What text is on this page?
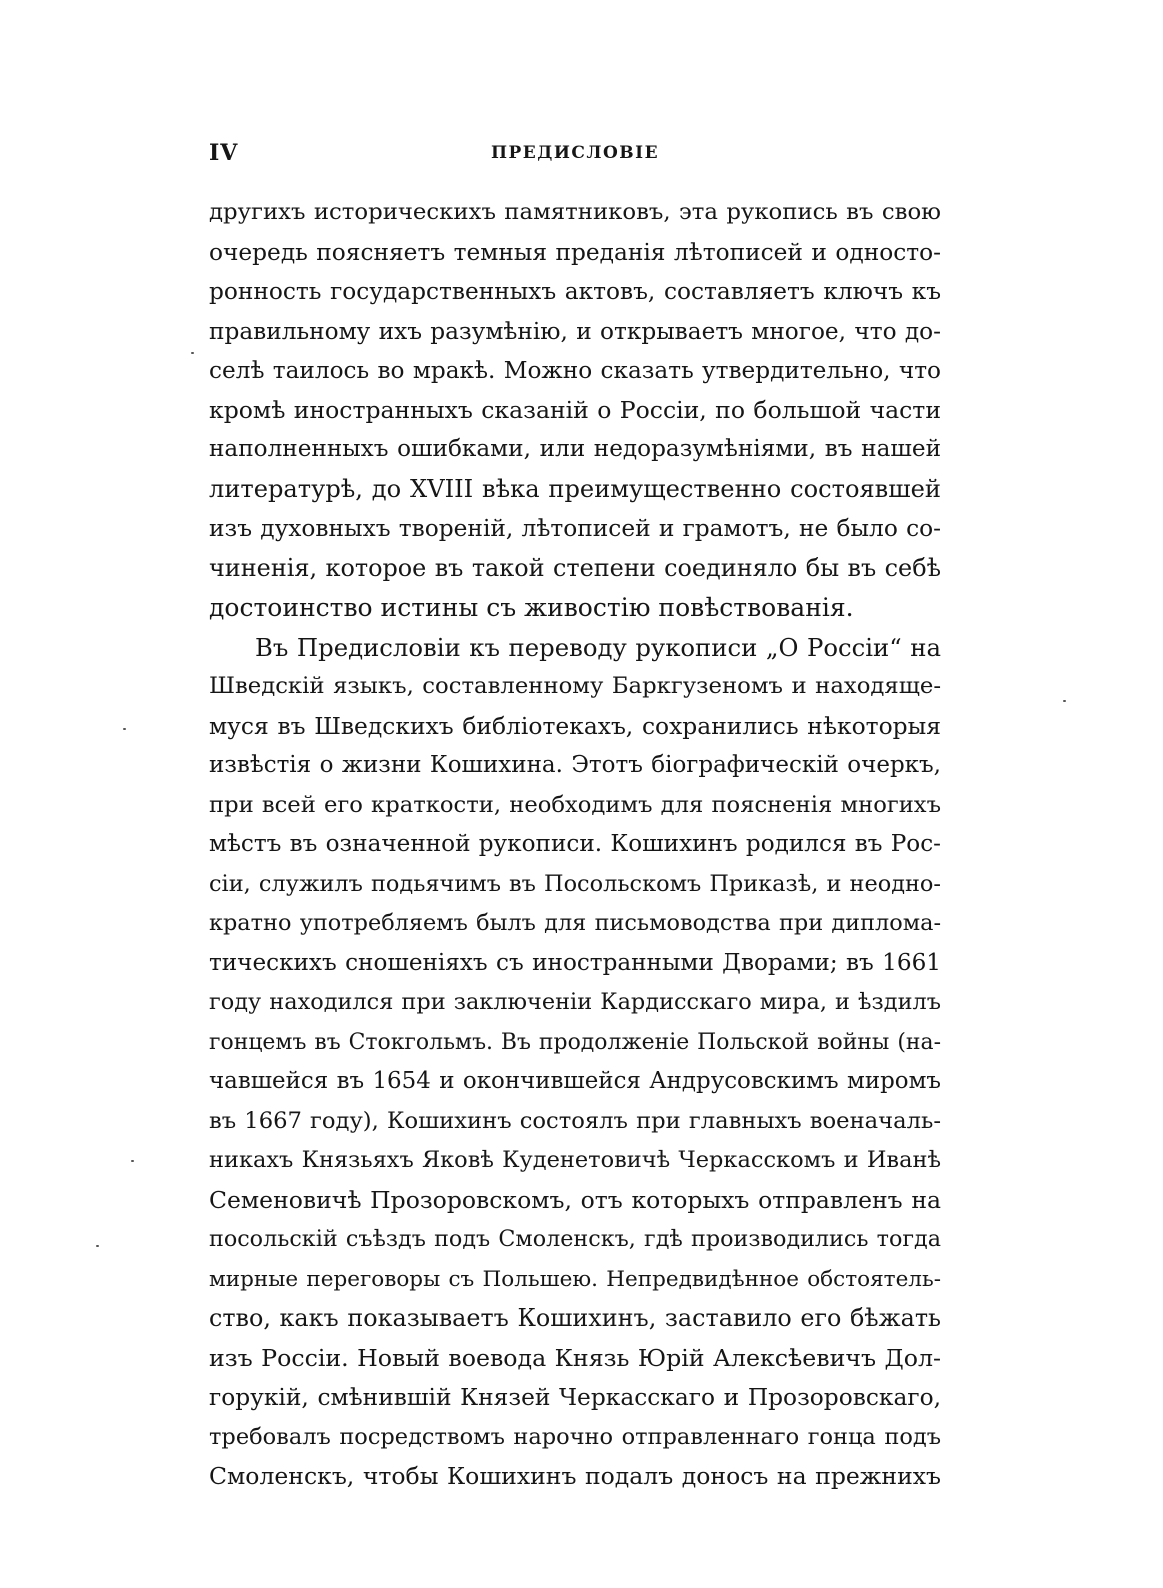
IV	ПРЕДИСЛОВІЕ
другихъ историческихъ памятниковъ, эта рукопись въ свою
очередь поясняетъ темныя преданія лѣтописей и односто-
ронность государственныхъ актовъ, составляетъ ключъ къ
правильному ихъ разумѣнію, и открываетъ многое, что до-
селѣ таилось во мракѣ. Можно сказать утвердительно, что
кромѣ иностранныхъ сказаній о Россіи, по большой части
наполненныхъ ошибками, или недоразумѣніями, въ нашей
литературѣ, до XVIII вѣка преимущественно состоявшей
изъ духовныхъ твореній, лѣтописей и грамотъ, не было со-
чиненія, которое въ такой степени соединяло бы въ себѣ
достоинство истины съ живостію повѣствованія.
Въ Предисловіи къ переводу рукописи „О Россіи“ на
Шведскій языкъ, составленному Баркгузеномъ и находяще-
муся въ Шведскихъ библіотекахъ, сохранились нѣкоторыя
извѣстія о жизни Кошихина. Этотъ біографическій очеркъ,
при всей его краткости, необходимъ для поясненія многихъ
мѣстъ въ означенной рукописи. Кошихинъ родился въ Рос-
сіи, служилъ подьячимъ въ Посольскомъ Приказѣ, и неодно-
кратно употребляемъ былъ для письмоводства при диплома-
тическихъ сношеніяхъ съ иностранными Дворами; въ 1661
году находился при заключеніи Кардисскаго мира, и ѣздилъ
гонцемъ въ Стокгольмъ. Въ продолженіе Польской войны (на-
чавшейся въ 1654 и окончившейся Андрусовскимъ миромъ
въ 1667 году), Кошихинъ состоялъ при главныхъ военачаль-
никахъ Князьяхъ Яковѣ Куденетовичѣ Черкасскомъ и Иванѣ
Семеновичѣ Прозоровскомъ, отъ которыхъ отправленъ на
посольскій съѣздъ подъ Смоленскъ, гдѣ производились тогда
мирные переговоры съ Польшею. Непредвидѣнное обстоятель-
ство, какъ показываетъ Кошихинъ, заставило его бѣжать
изъ Россіи. Новый воевода Князь Юрій Алексѣевичъ Дол-
горукій, смѣнившій Князей Черкасскаго и Прозоровскаго,
требовалъ посредствомъ нарочно отправленнаго гонца подъ
Смоленскъ, чтобы Кошихинъ подалъ доносъ на прежнихъ
